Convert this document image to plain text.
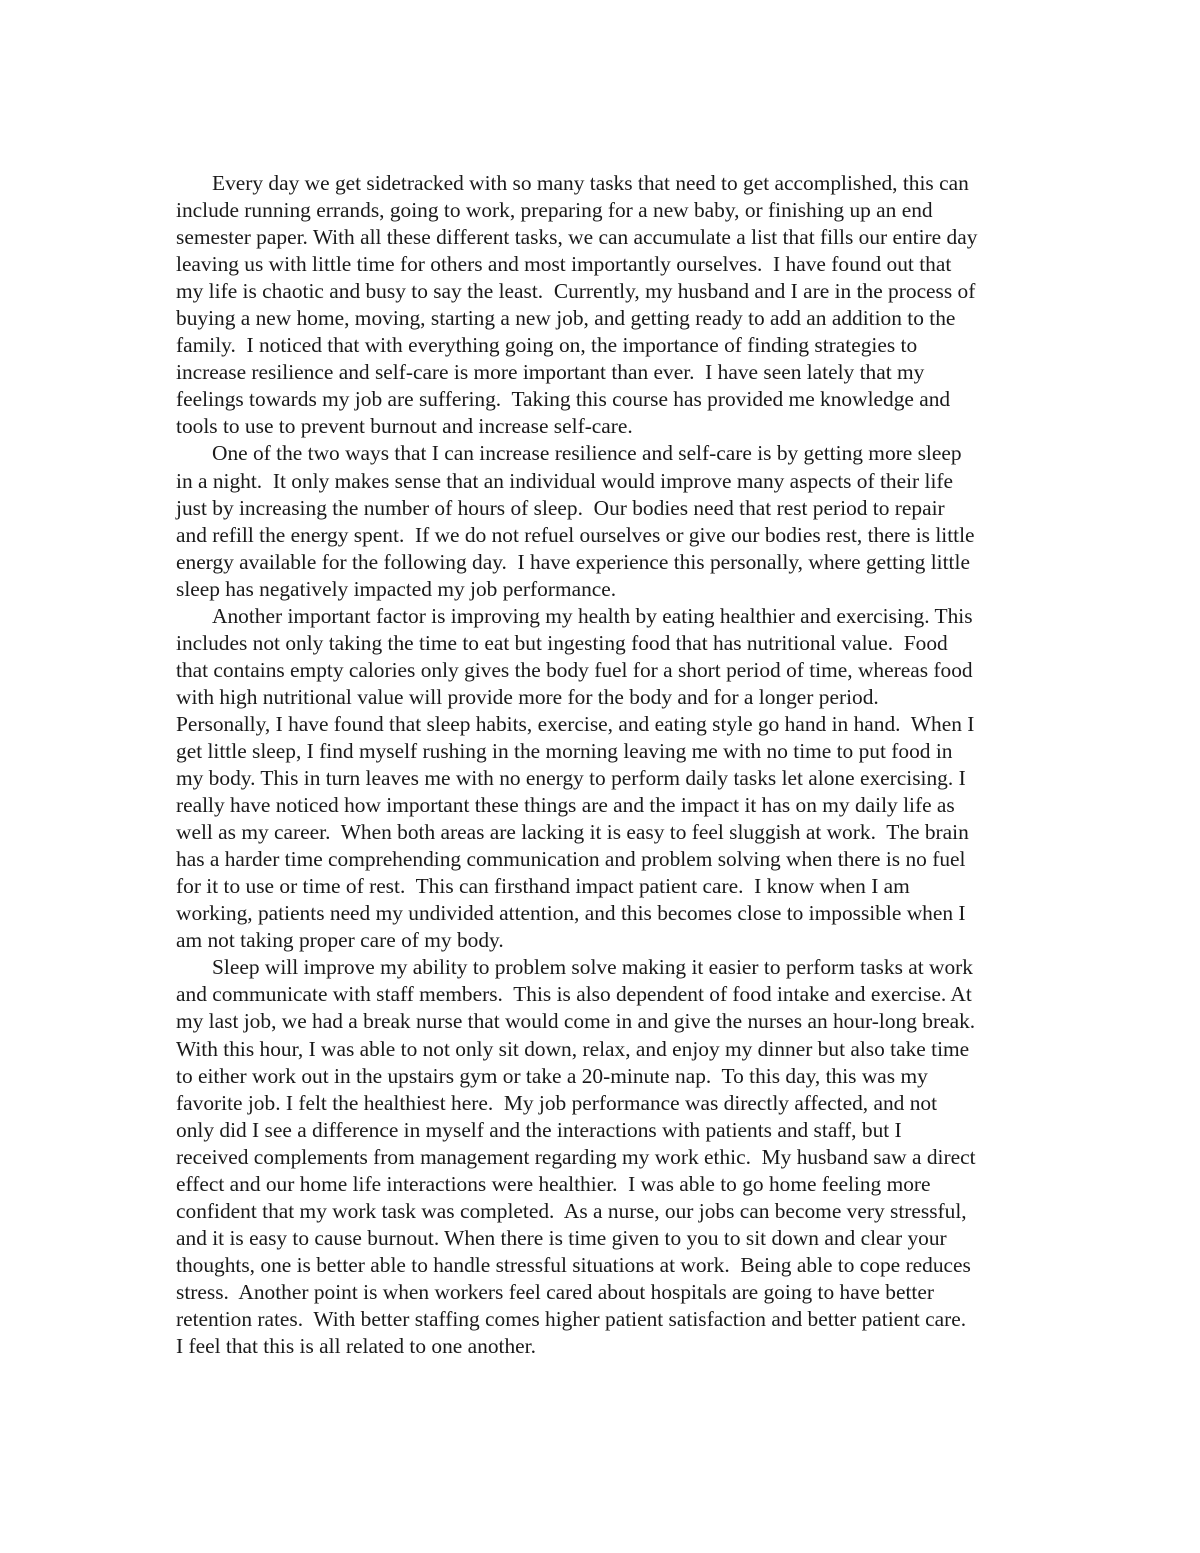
Every day we get sidetracked with so many tasks that need to get accomplished, this can
include running errands, going to work, preparing for a new baby, or finishing up an end
semester paper. With all these different tasks, we can accumulate a list that fills our entire day
leaving us with little time for others and most importantly ourselves.  I have found out that
my life is chaotic and busy to say the least.  Currently, my husband and I are in the process of
buying a new home, moving, starting a new job, and getting ready to add an addition to the
family.  I noticed that with everything going on, the importance of finding strategies to
increase resilience and self-care is more important than ever.  I have seen lately that my
feelings towards my job are suffering.  Taking this course has provided me knowledge and
tools to use to prevent burnout and increase self-care.
One of the two ways that I can increase resilience and self-care is by getting more sleep
in a night.  It only makes sense that an individual would improve many aspects of their life
just by increasing the number of hours of sleep.  Our bodies need that rest period to repair
and refill the energy spent.  If we do not refuel ourselves or give our bodies rest, there is little
energy available for the following day.  I have experience this personally, where getting little
sleep has negatively impacted my job performance.
Another important factor is improving my health by eating healthier and exercising. This
includes not only taking the time to eat but ingesting food that has nutritional value.  Food
that contains empty calories only gives the body fuel for a short period of time, whereas food
with high nutritional value will provide more for the body and for a longer period.
Personally, I have found that sleep habits, exercise, and eating style go hand in hand.  When I
get little sleep, I find myself rushing in the morning leaving me with no time to put food in
my body. This in turn leaves me with no energy to perform daily tasks let alone exercising. I
really have noticed how important these things are and the impact it has on my daily life as
well as my career.  When both areas are lacking it is easy to feel sluggish at work.  The brain
has a harder time comprehending communication and problem solving when there is no fuel
for it to use or time of rest.  This can firsthand impact patient care.  I know when I am
working, patients need my undivided attention, and this becomes close to impossible when I
am not taking proper care of my body.
Sleep will improve my ability to problem solve making it easier to perform tasks at work
and communicate with staff members.  This is also dependent of food intake and exercise. At
my last job, we had a break nurse that would come in and give the nurses an hour-long break.
With this hour, I was able to not only sit down, relax, and enjoy my dinner but also take time
to either work out in the upstairs gym or take a 20-minute nap.  To this day, this was my
favorite job. I felt the healthiest here.  My job performance was directly affected, and not
only did I see a difference in myself and the interactions with patients and staff, but I
received complements from management regarding my work ethic.  My husband saw a direct
effect and our home life interactions were healthier.  I was able to go home feeling more
confident that my work task was completed.  As a nurse, our jobs can become very stressful,
and it is easy to cause burnout. When there is time given to you to sit down and clear your
thoughts, one is better able to handle stressful situations at work.  Being able to cope reduces
stress.  Another point is when workers feel cared about hospitals are going to have better
retention rates.  With better staffing comes higher patient satisfaction and better patient care.
I feel that this is all related to one another.
